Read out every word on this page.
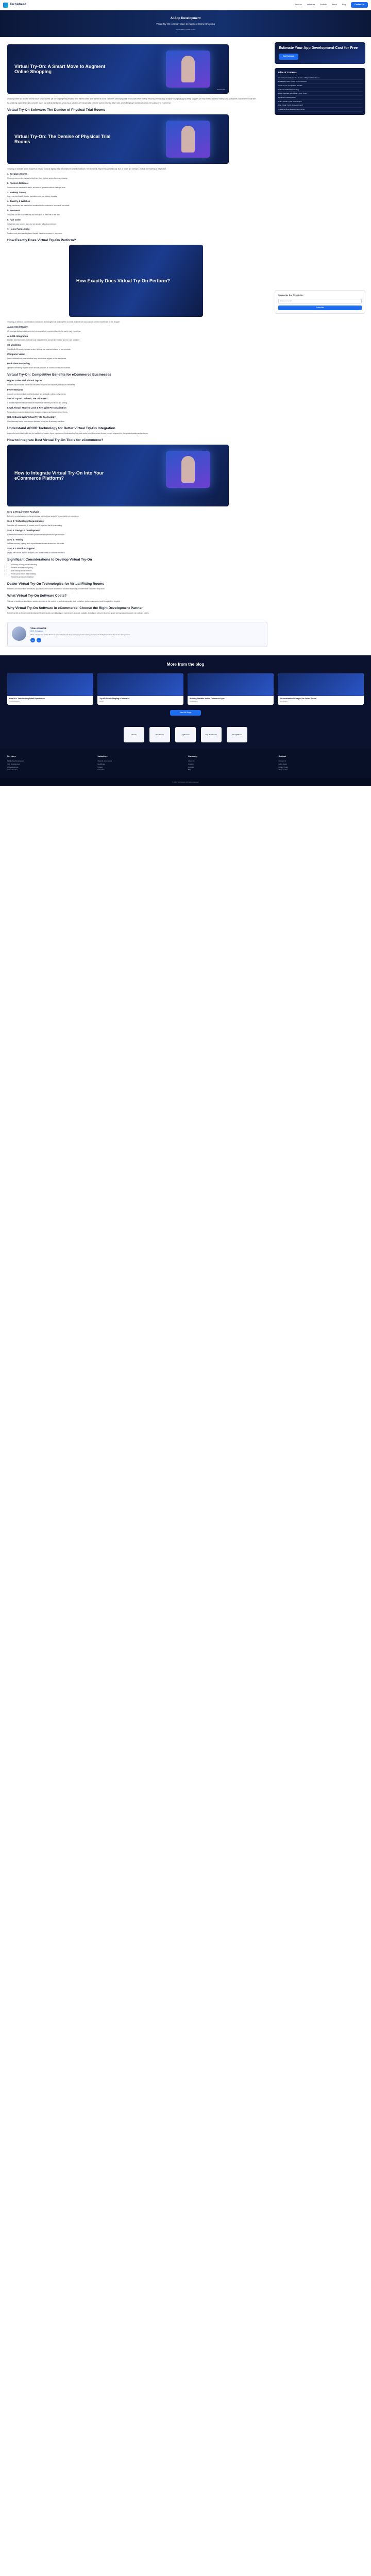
TechAhead	Services	Industries	Portfolio	About	Blog	Contact Us
AI App Development
Virtual Try-On: A Smart Move to Augment Online Shopping
Home / Blog / Virtual Try-On
Virtual Try-On: A Smart Move to Augment Online Shopping
TechAhead

Shopping online has become second nature for consumers, yet one challenge has persisted since the first online store opened its doors: customers cannot physically try products before buying. Virtual try-on technology is rapidly closing that gap by letting shoppers see how clothes, eyewear, makeup, and accessories look on them in real time.

By combining augmented reality, computer vision, and artificial intelligence, virtual try-on solutions are reshaping the customer journey, lowering return rates, and building buyer confidence across every category of eCommerce.

Virtual Try-On Software: The Demise of Physical Trial Rooms
Virtual Try-On: The Demise of Physical Trial Rooms

Virtual try-on software allows shoppers to preview products digitally using a smartphone camera or webcam. The technology maps the customer's body, face, or hands and overlays a realistic 3D rendering of the product.

1. Eyeglass Stores

Shoppers can preview frames on their face from multiple angles before purchasing.

2. Fashion Retailers

Customers can visualize fit, drape, and color of garments without visiting a store.

3. Makeup Stores

Users can test lipstick shades, foundation, and eye makeup instantly.

4. Jewelry & Watches

Rings, necklaces, and watches are rendered on the customer's own hands and wrists.

5. Footwear

Shoppers can see how sneakers and heels look on their feet in real time.

6. Hair Color

Virtual hair color tools let users try new shades without commitment.

7. Home Furnishings

Furniture and decor can be placed virtually inside the customer's own room.

How Exactly Does Virtual Try-On Perform?
How Exactly Does Virtual Try-On Perform?

Virtual try-on relies on a combination of advanced technologies that work together to create an immersive and accurate preview experience for the shopper.

Augmented Reality

AR overlays digital products onto the live camera feed, anchoring them to the user's body in real time.

AI & ML Integration

Machine learning models estimate body measurements and predict the best size for each customer.

3D Modeling

High-fidelity 3D assets replicate texture, lighting, and material behavior of real products.

Computer Vision

Facial landmark and pose detection keep virtual items aligned as the user moves.

Real-Time Rendering

Optimized rendering engines deliver smooth previews on mobile devices and browsers.

Virtual Try-On: Competitive Benefits for eCommerce Businesses
Higher Sales With Virtual Try-On

Retailers report notable conversion lifts when shoppers can visualize products on themselves.

Fewer Returns

Accurate previews reduce uncertainty about size and style, cutting costly returns.

Virtual Try-On Delivers, We Do It Best

A tailored implementation ensures the experience matches your brand and catalog.

Level Ahead: Modern Look & Feel With Personalization

Personalized recommendations keep shoppers engaged and exploring more items.

Get AI-Based With Virtual Try-On Technology

AI continuously learns from shopper behavior to improve fit accuracy over time.

Understand AR/VR Technology for Better Virtual Try-On Integration

Augmented and virtual reality are the backbone of modern try-on experiences. Understanding how each works helps businesses choose the right approach for their product catalog and audience.

How to Integrate Best Virtual Try-On Tools for eCommerce?
How to Integrate Virtual Try-On Into Your eCommerce Platform?
Step 1: Requirement Analysis

Define the product categories, target devices, and business goals for your virtual try-on experience.

Step 2: Technology Requirements

Select the AR frameworks, AI models, and 3D pipelines that fit your catalog.

Step 3: Design & Development

Build intuitive interfaces and realistic product assets optimized for performance.

Step 4: Testing

Validate accuracy, lighting, and responsiveness across devices and skin tones.

Step 5: Launch & Support

Deploy the solution, monitor analytics, and iterate based on customer feedback.

Significant Considerations to Develop Virtual Try-On
• Accuracy of body and face tracking
• Realistic textures and lighting
• Fast loading across devices
• Privacy and secure data handling
• Seamless checkout integration
Dealer Virtual Try-On Technologies for Virtual Fitting Rooms

Retailers can choose from web-based, app-based, and in-store smart mirror solutions depending on where their customers shop most.

What Virtual Try-On Software Costs?

The cost of building a virtual try-on solution depends on the number of product categories, level of realism, platforms supported, and AI capabilities required.

Why Virtual Try-On Software in eCommerce: Choose the Right Development Partner

Partnering with an experienced development team ensures your virtual try-on experience is accurate, scalable, and aligned with your business goals, turning casual browsers into confident buyers.

Vikas Kaushik
CEO, TechAhead
Vikas manages the Global Business at TechAhead and drives strategic growth, helping enterprises build digital products that create lasting impact.
in	x
Estimate Your App Development Cost for Free
Get Estimate
Table of Contents
Virtual Try-On Software: The Demise of Physical Trial Rooms
How Exactly Does Virtual Try-On Perform?
Virtual Try-On: Competitive Benefits
Understand AR/VR Technology
How to Integrate Best Virtual Try-On Tools
Significant Considerations
Dealer Virtual Try-On Technologies
What Virtual Try-On Software Costs?
Choose the Right Development Partner
Subscribe Our Newsletter
Enter your email
Subscribe
More from the blog
How AI is Transforming Retail Experiences
AI Development
Top AR Trends Shaping eCommerce
AR/VR
Building Scalable Mobile Commerce Apps
Mobile Apps
Personalization Strategies for Online Stores
eCommerce
View All Blogs
Clutch	GoodFirms	AppFutura	Top Developers	DesignRush
Services
Mobile App Development
Web Development
AI Development
Cloud Services
Industries
Retail & eCommerce
Healthcare
Fintech
Education
Company
About Us
Careers
Portfolio
Blog
Contact
Contact Us
Get a Quote
Privacy Policy
Terms of Use
© 2024 TechAhead. All rights reserved.
